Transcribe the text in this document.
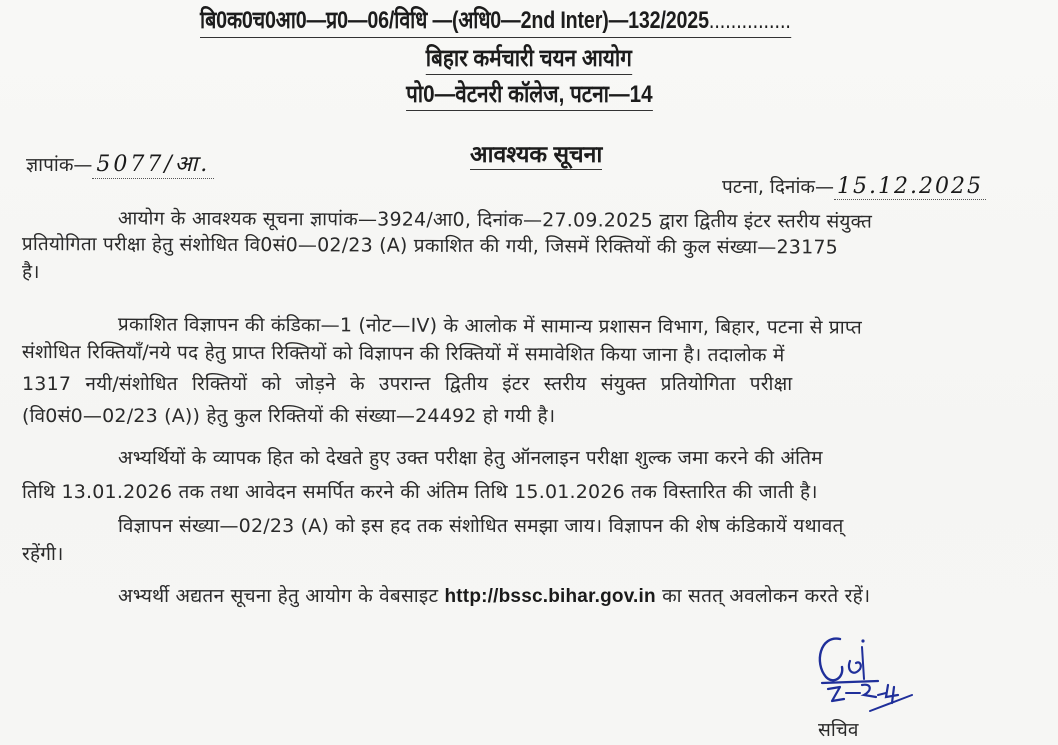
बि0क0च0आ0—प्र0—06/विधि —(अधि0—2nd Inter)—132/2025...............
बिहार कर्मचारी चयन आयोग
पो0—वेटनरी कॉलेज, पटना—14
ज्ञापांक— 5077/आ.	आवश्यक सूचना
पटना, दिनांक— 15.12.2025
आयोग के आवश्यक सूचना ज्ञापांक—3924/आ0, दिनांक—27.09.2025 द्वारा द्वितीय इंटर स्तरीय संयुक्त
प्रतियोगिता परीक्षा हेतु संशोधित वि0सं0—02/23 (A) प्रकाशित की गयी, जिसमें रिक्तियों की कुल संख्या—23175
है।
प्रकाशित विज्ञापन की कंडिका—1 (नोट—IV) के आलोक में सामान्य प्रशासन विभाग, बिहार, पटना से प्राप्त
संशोधित रिक्तियाँ/नये पद हेतु प्राप्त रिक्तियों को विज्ञापन की रिक्तियों में समावेशित किया जाना है। तदालोक में
1317 नयी/संशोधित रिक्तियों को जोड़ने के उपरान्त द्वितीय इंटर स्तरीय संयुक्त प्रतियोगिता परीक्षा
(वि0सं0—02/23 (A)) हेतु कुल रिक्तियों की संख्या—24492 हो गयी है।
अभ्यर्थियों के व्यापक हित को देखते हुए उक्त परीक्षा हेतु ऑनलाइन परीक्षा शुल्क जमा करने की अंतिम
तिथि 13.01.2026 तक तथा आवेदन समर्पित करने की अंतिम तिथि 15.01.2026 तक विस्तारित की जाती है।
विज्ञापन संख्या—02/23 (A) को इस हद तक संशोधित समझा जाय। विज्ञापन की शेष कंडिकायें यथावत्
रहेंगी।
अभ्यर्थी अद्यतन सूचना हेतु आयोग के वेबसाइट http://bssc.bihar.gov.in का सतत् अवलोकन करते रहें।
सचिव
